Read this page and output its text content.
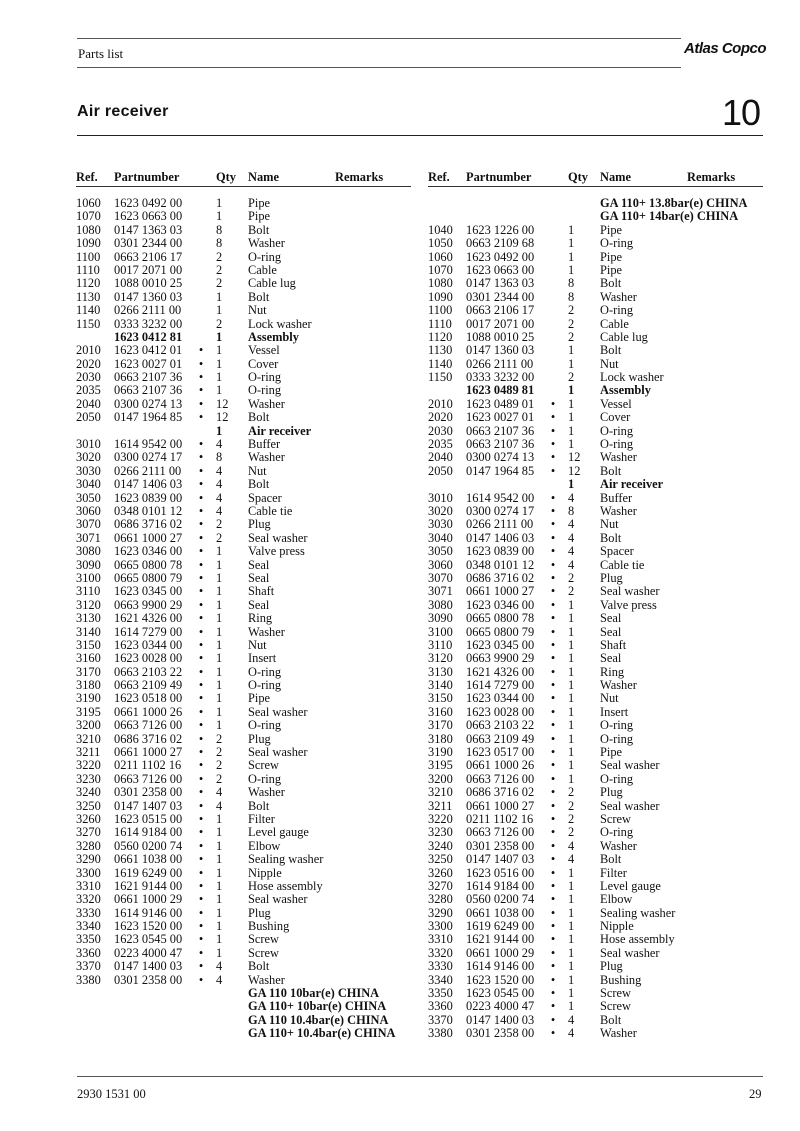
Parts list	Atlas Copco
Air receiver	10
Ref. Partnumber	Qty Name	Remarks
1060 1623 0492 00	1 Pipe
1070 1623 0663 00	1 Pipe
1080 0147 1363 03	8 Bolt
1090 0301 2344 00	8 Washer
1100 0663 2106 17	2 O-ring
1110 0017 2071 00	2 Cable
1120 1088 0010 25	2 Cable lug
1130 0147 1360 03	1 Bolt
1140 0266 2111 00	1 Nut
1150 0333 3232 00	2 Lock washer
1623 0412 81	1 Assembly
2010 1623 0412 01 • 1 Vessel
2020 1623 0027 01 • 1 Cover
2030 0663 2107 36 • 1 O-ring
2035 0663 2107 36 • 1 O-ring
2040 0300 0274 13 • 12 Washer
2050 0147 1964 85 • 12 Bolt
1 Air receiver
3010 1614 9542 00 • 4 Buffer
3020 0300 0274 17 • 8 Washer
3030 0266 2111 00 • 4 Nut
3040 0147 1406 03 • 4 Bolt
3050 1623 0839 00 • 4 Spacer
3060 0348 0101 12 • 4 Cable tie
3070 0686 3716 02 • 2 Plug
3071 0661 1000 27 • 2 Seal washer
3080 1623 0346 00 • 1 Valve press
3090 0665 0800 78 • 1 Seal
3100 0665 0800 79 • 1 Seal
3110 1623 0345 00 • 1 Shaft
3120 0663 9900 29 • 1 Seal
3130 1621 4326 00 • 1 Ring
3140 1614 7279 00 • 1 Washer
3150 1623 0344 00 • 1 Nut
3160 1623 0028 00 • 1 Insert
3170 0663 2103 22 • 1 O-ring
3180 0663 2109 49 • 1 O-ring
3190 1623 0518 00 • 1 Pipe
3195 0661 1000 26 • 1 Seal washer
3200 0663 7126 00 • 1 O-ring
3210 0686 3716 02 • 2 Plug
3211 0661 1000 27 • 2 Seal washer
3220 0211 1102 16 • 2 Screw
3230 0663 7126 00 • 2 O-ring
3240 0301 2358 00 • 4 Washer
3250 0147 1407 03 • 4 Bolt
3260 1623 0515 00 • 1 Filter
3270 1614 9184 00 • 1 Level gauge
3280 0560 0200 74 • 1 Elbow
3290 0661 1038 00 • 1 Sealing washer
3300 1619 6249 00 • 1 Nipple
3310 1621 9144 00 • 1 Hose assembly
3320 0661 1000 29 • 1 Seal washer
3330 1614 9146 00 • 1 Plug
3340 1623 1520 00 • 1 Bushing
3350 1623 0545 00 • 1 Screw
3360 0223 4000 47 • 1 Screw
3370 0147 1400 03 • 4 Bolt
3380 0301 2358 00 • 4 Washer
GA 110 10bar(e) CHINA
GA 110+ 10bar(e) CHINA
GA 110 10.4bar(e) CHINA
GA 110+ 10.4bar(e) CHINA
Ref. Partnumber	Qty Name	Remarks
GA 110+ 13.8bar(e) CHINA
GA 110+ 14bar(e) CHINA
1040 1623 1226 00	1 Pipe
1050 0663 2109 68	1 O-ring
1060 1623 0492 00	1 Pipe
1070 1623 0663 00	1 Pipe
1080 0147 1363 03	8 Bolt
1090 0301 2344 00	8 Washer
1100 0663 2106 17	2 O-ring
1110 0017 2071 00	2 Cable
1120 1088 0010 25	2 Cable lug
1130 0147 1360 03	1 Bolt
1140 0266 2111 00	1 Nut
1150 0333 3232 00	2 Lock washer
1623 0489 81	1 Assembly
2010 1623 0489 01 • 1 Vessel
2020 1623 0027 01 • 1 Cover
2030 0663 2107 36 • 1 O-ring
2035 0663 2107 36 • 1 O-ring
2040 0300 0274 13 • 12 Washer
2050 0147 1964 85 • 12 Bolt
1 Air receiver
3010 1614 9542 00 • 4 Buffer
3020 0300 0274 17 • 8 Washer
3030 0266 2111 00 • 4 Nut
3040 0147 1406 03 • 4 Bolt
3050 1623 0839 00 • 4 Spacer
3060 0348 0101 12 • 4 Cable tie
3070 0686 3716 02 • 2 Plug
3071 0661 1000 27 • 2 Seal washer
3080 1623 0346 00 • 1 Valve press
3090 0665 0800 78 • 1 Seal
3100 0665 0800 79 • 1 Seal
3110 1623 0345 00 • 1 Shaft
3120 0663 9900 29 • 1 Seal
3130 1621 4326 00 • 1 Ring
3140 1614 7279 00 • 1 Washer
3150 1623 0344 00 • 1 Nut
3160 1623 0028 00 • 1 Insert
3170 0663 2103 22 • 1 O-ring
3180 0663 2109 49 • 1 O-ring
3190 1623 0517 00 • 1 Pipe
3195 0661 1000 26 • 1 Seal washer
3200 0663 7126 00 • 1 O-ring
3210 0686 3716 02 • 2 Plug
3211 0661 1000 27 • 2 Seal washer
3220 0211 1102 16 • 2 Screw
3230 0663 7126 00 • 2 O-ring
3240 0301 2358 00 • 4 Washer
3250 0147 1407 03 • 4 Bolt
3260 1623 0516 00 • 1 Filter
3270 1614 9184 00 • 1 Level gauge
3280 0560 0200 74 • 1 Elbow
3290 0661 1038 00 • 1 Sealing washer
3300 1619 6249 00 • 1 Nipple
3310 1621 9144 00 • 1 Hose assembly
3320 0661 1000 29 • 1 Seal washer
3330 1614 9146 00 • 1 Plug
3340 1623 1520 00 • 1 Bushing
3350 1623 0545 00 • 1 Screw
3360 0223 4000 47 • 1 Screw
3370 0147 1400 03 • 4 Bolt
3380 0301 2358 00 • 4 Washer
2930 1531 00	29
